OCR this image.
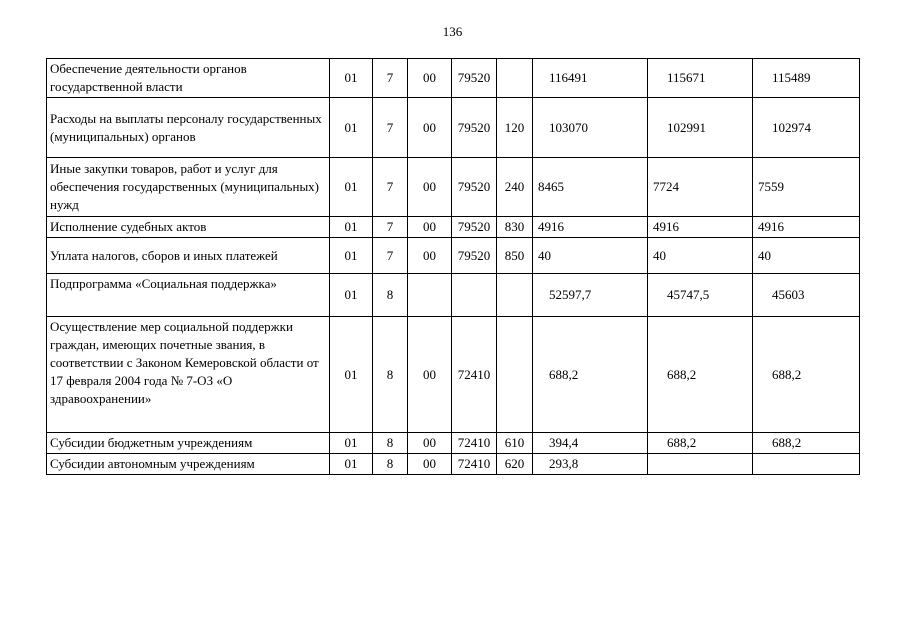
136
Обеспечение деятельности органов государственной власти	01	7	00	79520		116491	115671	115489
Расходы на выплаты персоналу государственных (муниципальных) органов	01	7	00	79520	120	103070	102991	102974
Иные закупки товаров, работ и услуг для обеспечения государственных (муниципальных) нужд	01	7	00	79520	240	8465	7724	7559
Исполнение судебных актов	01	7	00	79520	830	4916	4916	4916
Уплата налогов, сборов и иных платежей	01	7	00	79520	850	40	40	40
Подпрограмма «Социальная поддержка»	01	8				52597,7	45747,5	45603
Осуществление мер социальной поддержки граждан, имеющих почетные звания, в соответствии с Законом Кемеровской области от 17 февраля 2004 года № 7-ОЗ «О здравоохранении»	01	8	00	72410		688,2	688,2	688,2
Субсидии бюджетным учреждениям	01	8	00	72410	610	394,4	688,2	688,2
Субсидии автономным учреждениям	01	8	00	72410	620	293,8		
